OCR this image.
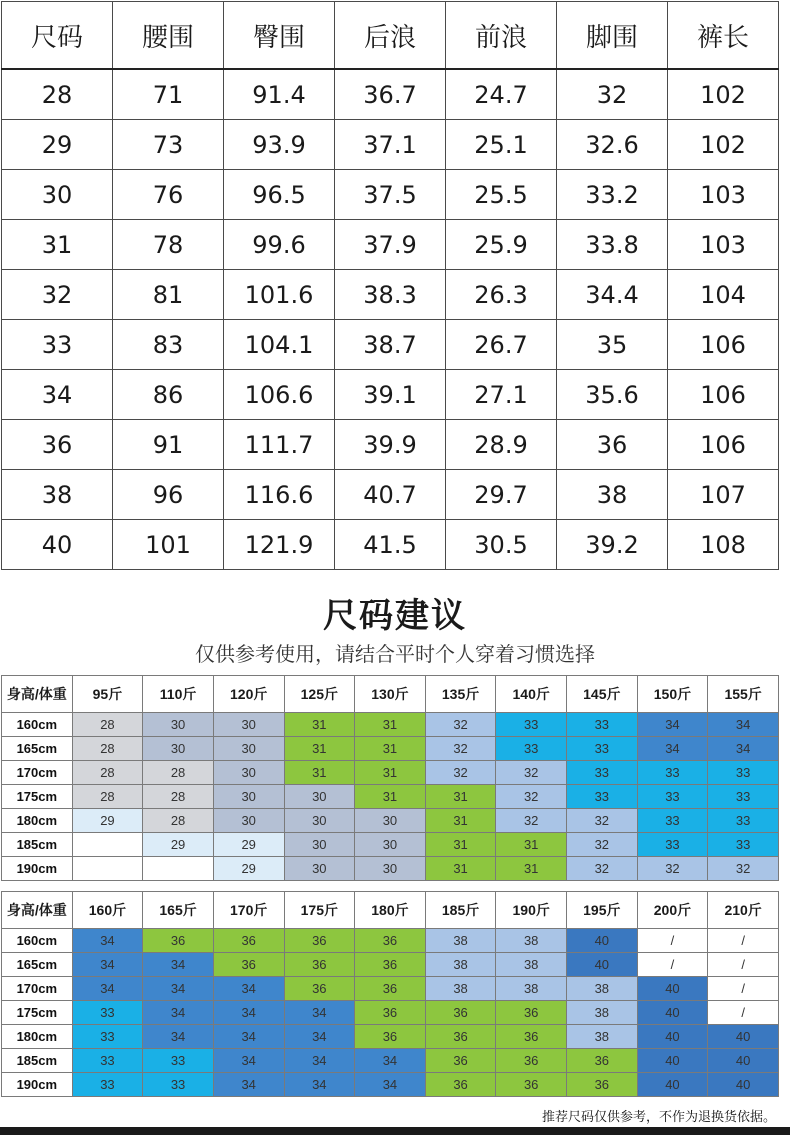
尺码	腰围	臀围	后浪	前浪	脚围	裤长
28	71	91.4	36.7	24.7	32	102
29	73	93.9	37.1	25.1	32.6	102
30	76	96.5	37.5	25.5	33.2	103
31	78	99.6	37.9	25.9	33.8	103
32	81	101.6	38.3	26.3	34.4	104
33	83	104.1	38.7	26.7	35	106
34	86	106.6	39.1	27.1	35.6	106
36	91	111.7	39.9	28.9	36	106
38	96	116.6	40.7	29.7	38	107
40	101	121.9	41.5	30.5	39.2	108
尺码建议
仅供参考使用，请结合平时个人穿着习惯选择
身高/体重	95斤	110斤	120斤	125斤	130斤	135斤	140斤	145斤	150斤	155斤
160cm	28	30	30	31	31	32	33	33	34	34
165cm	28	30	30	31	31	32	33	33	34	34
170cm	28	28	30	31	31	32	32	33	33	33
175cm	28	28	30	30	31	31	32	33	33	33
180cm	29	28	30	30	30	31	32	32	33	33
185cm		29	29	30	30	31	31	32	33	33
190cm			29	30	30	31	31	32	32	32
身高/体重	160斤	165斤	170斤	175斤	180斤	185斤	190斤	195斤	200斤	210斤
160cm	34	36	36	36	36	38	38	40	/	/
165cm	34	34	36	36	36	38	38	40	/	/
170cm	34	34	34	36	36	38	38	38	40	/
175cm	33	34	34	34	36	36	36	38	40	/
180cm	33	34	34	34	36	36	36	38	40	40
185cm	33	33	34	34	34	36	36	36	40	40
190cm	33	33	34	34	34	36	36	36	40	40
推荐尺码仅供参考，不作为退换货依据。
